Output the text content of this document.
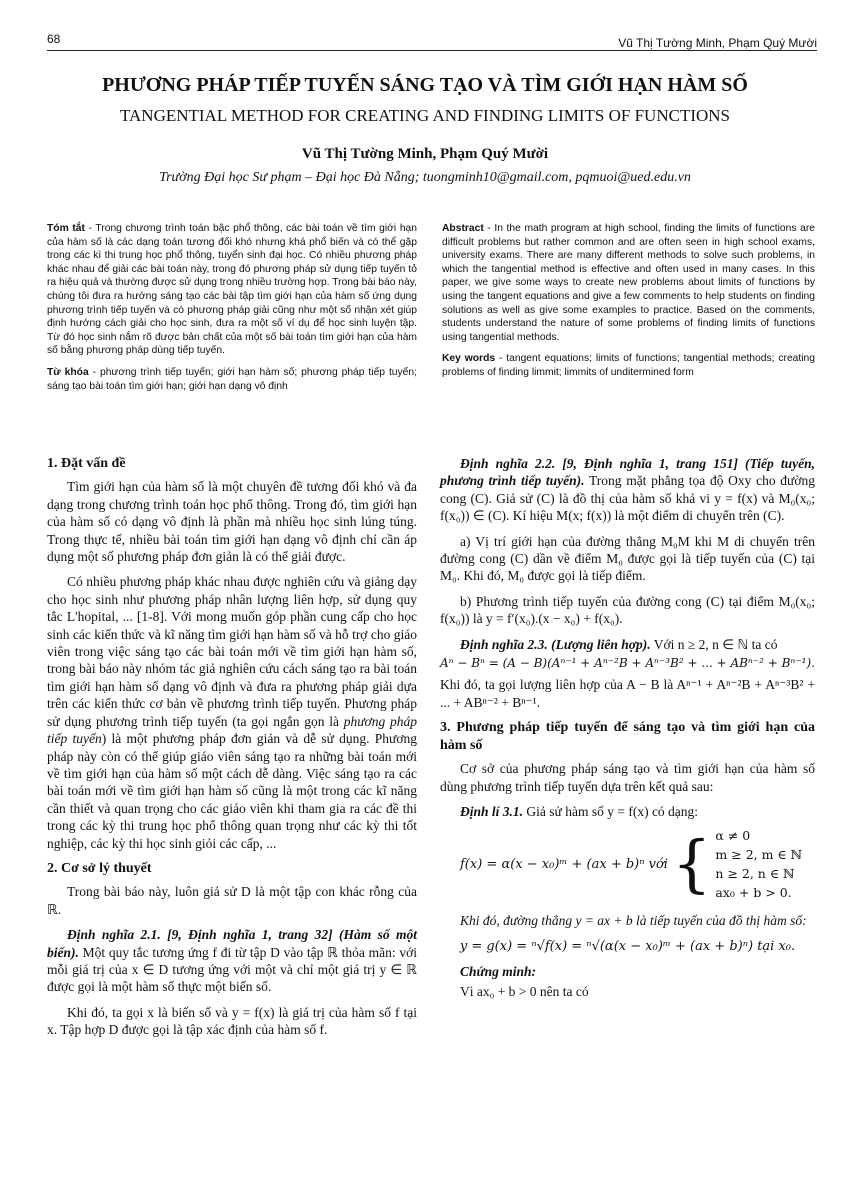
68	Vũ Thị Tường Minh, Phạm Quý Mười
PHƯƠNG PHÁP TIẾP TUYẾN SÁNG TẠO VÀ TÌM GIỚI HẠN HÀM SỐ
TANGENTIAL METHOD FOR CREATING AND FINDING LIMITS OF FUNCTIONS
Vũ Thị Tường Minh, Phạm Quý Mười
Trường Đại học Sư phạm – Đại học Đà Nẵng; tuongminh10@gmail.com, pqmuoi@ued.edu.vn

Tóm tắt - Trong chương trình toán bậc phổ thông, các bài toán về tìm giới hạn của hàm số là các dạng toán tương đối khó nhưng khá phổ biến và có thể gặp trong các kì thi trung học phổ thông, tuyển sinh đại học. Có nhiều phương pháp khác nhau để giải các bài toán này, trong đó phương pháp sử dụng tiếp tuyến tỏ ra hiệu quả và thường được sử dụng trong nhiều trường hợp. Trong bài báo này, chúng tôi đưa ra hướng sáng tạo các bài tập tìm giới hạn của hàm số ứng dụng phương trình tiếp tuyến và có phương pháp giải cũng như một số nhận xét giúp định hướng cách giải cho học sinh, đưa ra một số ví dụ để học sinh luyện tập. Từ đó học sinh nắm rõ được bản chất của một số bài toán tìm giới hạn của hàm số bằng phương pháp dùng tiếp tuyến.

Từ khóa - phương trình tiếp tuyến; giới hạn hàm số; phương pháp tiếp tuyến; sáng tạo bài toán tìm giới hạn; giới hạn dạng vô định

Abstract - In the math program at high school, finding the limits of functions are difficult problems but rather common and are often seen in high school exams, university exams. There are many different methods to solve such problems, in which the tangential method is effective and often used in many cases. In this paper, we give some ways to create new problems about limits of functions by using the tangent equations and give a few comments to help students on finding solutions as well as give some examples to practice. Based on the comments, students understand the nature of some problems of finding limits of functions using tangential methods.

Key words - tangent equations; limits of functions; tangential methods; creating problems of finding limmit; limmits of unditermined form

1. Đặt vấn đề

Tìm giới hạn của hàm số là một chuyên đề tương đối khó và đa dạng trong chương trình toán học phổ thông. Trong đó, tìm giới hạn của hàm số có dạng vô định là phần mà nhiều học sinh lúng túng. Trong thực tế, nhiều bài toán tìm giới hạn dạng vô định chỉ cần áp dụng một số phương pháp đơn giản là có thể giải được.

Có nhiều phương pháp khác nhau được nghiên cứu và giảng dạy cho học sinh như phương pháp nhân lượng liên hợp, sử dụng quy tắc L'hopital, ... [1-8]. Với mong muốn góp phần cung cấp cho học sinh các kiến thức và kĩ năng tìm giới hạn hàm số và hỗ trợ cho giáo viên trong việc sáng tạo các bài toán mới về tìm giới hạn hàm số, trong bài báo này nhóm tác giả nghiên cứu cách sáng tạo ra bài toán tìm giới hạn hàm số dạng vô định và đưa ra phương pháp giải dựa trên các kiến thức cơ bản về phương trình tiếp tuyến. Phương pháp sử dụng phương trình tiếp tuyến (ta gọi ngắn gọn là phương pháp tiếp tuyến) là một phương pháp đơn giản và dễ sử dụng. Phương pháp này còn có thể giúp giáo viên sáng tạo ra những bài toán mới về tìm giới hạn của hàm số một cách dễ dàng. Việc sáng tạo ra các bài toán mới về tìm giới hạn hàm số cũng là một trong các kĩ năng cần thiết và quan trọng cho các giáo viên khi tham gia ra các đề thi trong các kỳ thi trung học phổ thông quan trọng như các kỳ thi tốt nghiệp, các kỳ thi học sinh giỏi các cấp, ...

2. Cơ sở lý thuyết

Trong bài báo này, luôn giả sử D là một tập con khác rỗng của ℝ.

Định nghĩa 2.1. [9, Định nghĩa 1, trang 32] (Hàm số một biến). Một quy tắc tương ứng f đi từ tập D vào tập ℝ thỏa mãn: với mỗi giá trị của x ∈ D tương ứng với một và chỉ một giá trị y ∈ ℝ được gọi là một hàm số thực một biến số.

Khi đó, ta gọi x là biến số và y = f(x) là giá trị của hàm số f tại x. Tập hợp D được gọi là tập xác định của hàm số f.

Định nghĩa 2.2. [9, Định nghĩa 1, trang 151] (Tiếp tuyến, phương trình tiếp tuyến). Trong mặt phẳng tọa độ Oxy cho đường cong (C). Giả sử (C) là đồ thị của hàm số khả vi y = f(x) và M₀(x₀; f(x₀)) ∈ (C). Kí hiệu M(x; f(x)) là một điểm di chuyển trên (C).

a) Vị trí giới hạn của đường thẳng M₀M khi M di chuyển trên đường cong (C) dần về điểm M₀ được gọi là tiếp tuyến của (C) tại M₀. Khi đó, M₀ được gọi là tiếp điểm.

b) Phương trình tiếp tuyến của đường cong (C) tại điểm M₀(x₀; f(x₀)) là y = f′(x₀).(x − x₀) + f(x₀).

Định nghĩa 2.3. (Lượng liên hợp). Với n ≥ 2, n ∈ ℕ ta có

Aⁿ − Bⁿ = (A − B)(Aⁿ⁻¹ + Aⁿ⁻²B + Aⁿ⁻³B² + ... + ABⁿ⁻² + Bⁿ⁻¹).

Khi đó, ta gọi lượng liên hợp của A − B là Aⁿ⁻¹ + Aⁿ⁻²B + Aⁿ⁻³B² + ... + ABⁿ⁻² + Bⁿ⁻¹.

3. Phương pháp tiếp tuyến để sáng tạo và tìm giới hạn của hàm số

Cơ sở của phương pháp sáng tạo và tìm giới hạn của hàm số dùng phương trình tiếp tuyến dựa trên kết quả sau:

Định lí 3.1. Giả sử hàm số y = f(x) có dạng:

f(x) = α(x − x₀)ᵐ + (ax + b)ⁿ với { α ≠ 0
m ≥ 2, m ∈ ℕ
n ≥ 2, n ∈ ℕ
ax₀ + b > 0.

Khi đó, đường thẳng y = ax + b là tiếp tuyến của đồ thị hàm số:

y = g(x) = ⁿ√f(x) = ⁿ√(α(x − x₀)ᵐ + (ax + b)ⁿ) tại x₀.

Chứng minh:

Vì ax₀ + b > 0 nên ta có
